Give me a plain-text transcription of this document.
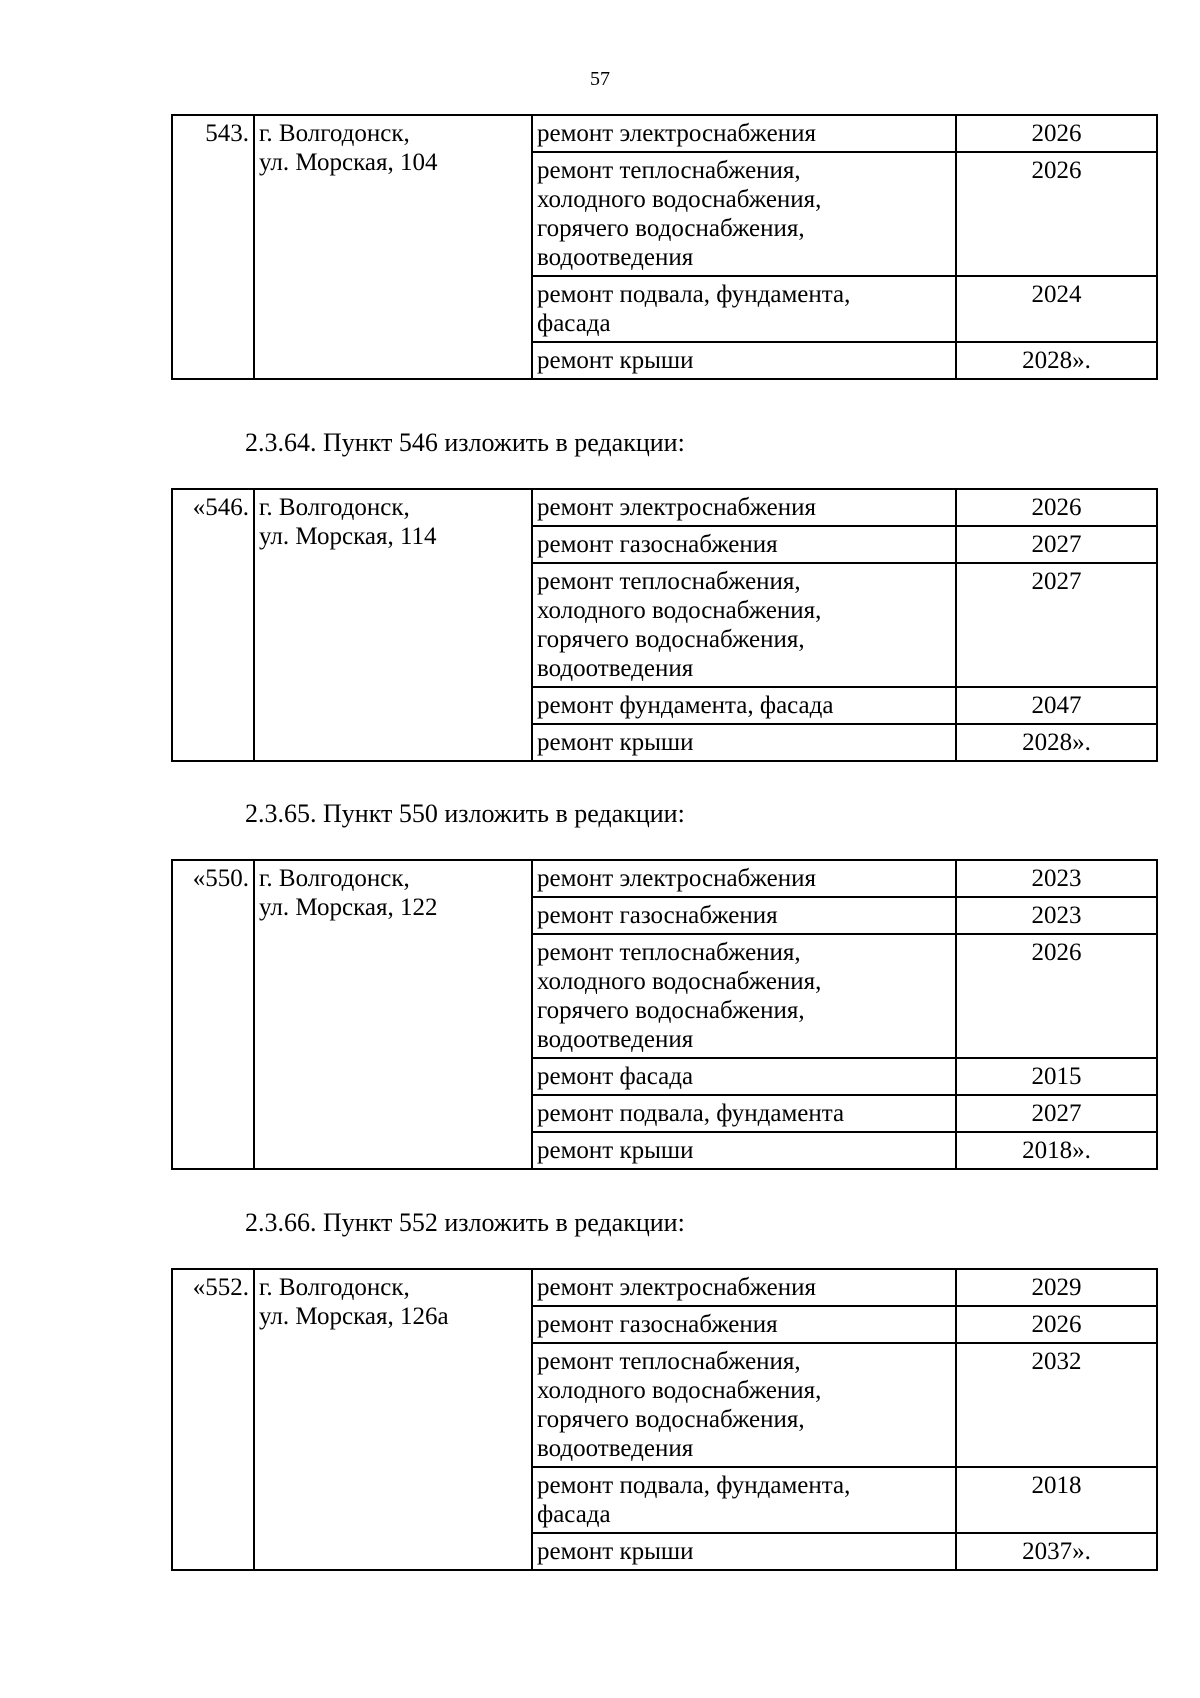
57
543.	г. Волгодонск,
ул. Морская, 104	ремонт электроснабжения	2026

		ремонт теплоснабжения,
холодного водоснабжения,
горячего водоснабжения,
водоотведения	2026

		ремонт подвала, фундамента,
фасада	2024

		ремонт крыши	2028».
2.3.64. Пункт 546 изложить в редакции:
«546.	г. Волгодонск,
ул. Морская, 114	ремонт электроснабжения	2026

		ремонт газоснабжения	2027

		ремонт теплоснабжения,
холодного водоснабжения,
горячего водоснабжения,
водоотведения	2027

		ремонт фундамента, фасада	2047

		ремонт крыши	2028».
2.3.65. Пункт 550 изложить в редакции:
«550.	г. Волгодонск,
ул. Морская, 122	ремонт электроснабжения	2023

		ремонт газоснабжения	2023

		ремонт теплоснабжения,
холодного водоснабжения,
горячего водоснабжения,
водоотведения	2026

		ремонт фасада	2015

		ремонт подвала, фундамента	2027

		ремонт крыши	2018».
2.3.66. Пункт 552 изложить в редакции:
«552.	г. Волгодонск,
ул. Морская, 126а	ремонт электроснабжения	2029

		ремонт газоснабжения	2026

		ремонт теплоснабжения,
холодного водоснабжения,
горячего водоснабжения,
водоотведения	2032

		ремонт подвала, фундамента,
фасада	2018

		ремонт крыши	2037».
